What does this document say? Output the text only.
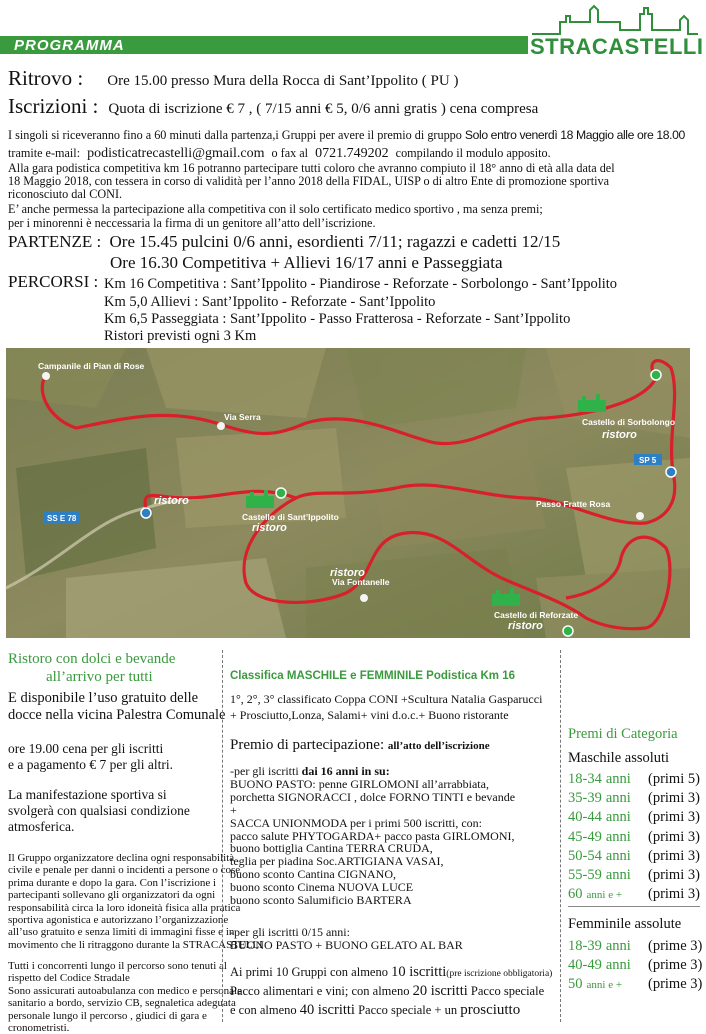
PROGRAMMA	STRACASTELLI
Ritrovo : Ore 15.00 presso Mura della Rocca di Sant’Ippolito ( PU )
Iscrizioni : Quota di iscrizione € 7 , ( 7/15 anni € 5, 0/6 anni gratis ) cena compresa
I singoli si riceveranno fino a 60 minuti dalla partenza,i Gruppi per avere il premio di gruppo Solo entro venerdì 18 Maggio alle ore 18.00
tramite e-mail: podisticatrecastelli@gmail.com o fax al 0721.749202 compilando il modulo apposito.
Alla gara podistica competitiva km 16 potranno partecipare tutti coloro che avranno compiuto il 18° anno di età alla data del
18 Maggio 2018, con tessera in corso di validità per l’anno 2018 della FIDAL, UISP o di altro Ente di promozione sportiva
riconosciuto dal CONI.
E’ anche permessa la partecipazione alla competitiva con il solo certificato medico sportivo , ma senza premi;
per i minorenni è neccessaria la firma di un genitore all’atto dell’iscrizione.
PARTENZE : Ore 15.45 pulcini 0/6 anni, esordienti 7/11; ragazzi e cadetti 12/15
Ore 16.30 Competitiva + Allievi 16/17 anni e Passeggiata
PERCORSI : Km 16 Competitiva : Sant’Ippolito - Piandirose - Reforzate - Sorbolongo - Sant’Ippolito
Km 5,0 Allievi : Sant’Ippolito - Reforzate - Sant’Ippolito
Km 6,5 Passeggiata : Sant’Ippolito - Passo Fratterosa - Reforzate - Sant’Ippolito
Ristori previsti ogni 3 Km
Campanile di Pian di Rose
Via Serra	Castello di Sorbolongo
Passo Fratte Rosa
Castello di Sant’Ippolito
Via Fontanelle
Castello di Reforzate
ristoro
ristoro
ristoro
ristoro
ristoro
SP 5
SS E 78
Ristoro con dolci e bevande
all’arrivo per tutti
E disponibile l’uso gratuito delle
docce nella vicina Palestra Comunale
ore 19.00 cena per gli iscritti
e a pagamento € 7 per gli altri.
La manifestazione sportiva si
svolgerà con qualsiasi condizione
atmosferica.
Il Gruppo organizzatore declina ogni responsabilità
civile e penale per danni o incidenti a persone o cose
prima durante e dopo la gara. Con l’iscrizione i
partecipanti sollevano gli organizzatori da ogni
responsabilità circa la loro idoneità fisica alla pratica
sportiva agonistica e autorizzano l’organizzazione
all’uso gratuito e senza limiti di immagini fisse e in
movimento che li ritraggono durante la STRACASTELLI
Tutti i concorrenti lungo il percorso sono tenuti al
rispetto del Codice Stradale
Sono assicurati autoabulanza con medico e personale
sanitario a bordo, servizio CB, segnaletica adeguata
personale lungo il percorso , giudici di gara e
cronometristi.
Classifica MASCHILE e FEMMINILE Podistica Km 16
1°, 2°, 3° classificato Coppa CONI +Scultura Natalia Gasparucci
+ Prosciutto,Lonza, Salami+ vini d.o.c.+ Buono ristorante
Premio di partecipazione: all’atto dell’iscrizione
-per gli iscritti dai 16 anni in su:
BUONO PASTO: penne GIRLOMONI all’arrabbiata,
porchetta SIGNORACCI , dolce FORNO TINTI e bevande
+
SACCA UNIONMODA per i primi 500 iscritti, con:
pacco salute PHYTOGARDA+ pacco pasta GIRLOMONI,
buono bottiglia Cantina TERRA CRUDA,
teglia per piadina Soc.ARTIGIANA VASAI,
buono sconto Cantina CIGNANO,
buono sconto Cinema NUOVA LUCE
buono sconto Salumificio BARTERA
-per gli iscritti 0/15 anni:
BUONO PASTO + BUONO GELATO AL BAR
Ai primi 10 Gruppi con almeno 10 iscritti(pre iscrizione obbligatoria)
Pacco alimentari e vini; con almeno 20 iscritti Pacco speciale
e con almeno 40 iscritti Pacco speciale + un prosciutto
Premi di Categoria
Maschile assoluti
18-34 anni (primi 5)
35-39 anni (primi 3)
40-44 anni (primi 3)
45-49 anni (primi 3)
50-54 anni (primi 3)
55-59 anni (primi 3)
60 anni e + (primi 3)
Femminile assolute
18-39 anni (prime 3)
40-49 anni (prime 3)
50 anni e + (prime 3)
